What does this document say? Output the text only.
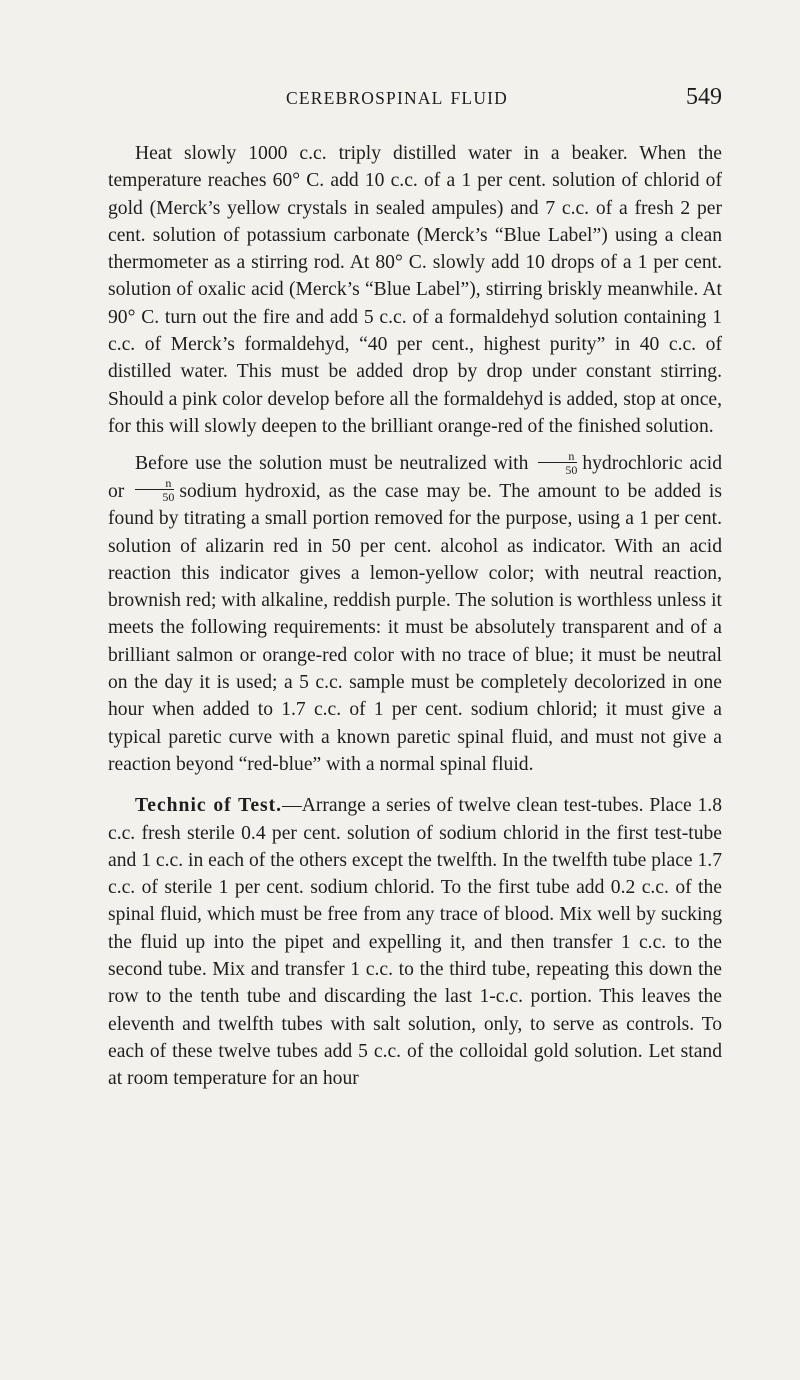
CEREBROSPINAL FLUID	549

Heat slowly 1000 c.c. triply distilled water in a beaker. When the temperature reaches 60° C. add 10 c.c. of a 1 per cent. solution of chlorid of gold (Merck’s yellow crystals in sealed ampules) and 7 c.c. of a fresh 2 per cent. solution of potassium carbonate (Merck’s “Blue Label”) using a clean thermometer as a stirring rod. At 80° C. slowly add 10 drops of a 1 per cent. solution of oxalic acid (Merck’s “Blue Label”), stirring briskly meanwhile. At 90° C. turn out the fire and add 5 c.c. of a formaldehyd solution containing 1 c.c. of Merck’s formaldehyd, “40 per cent., highest purity” in 40 c.c. of distilled water. This must be added drop by drop under constant stirring. Should a pink color develop before all the formaldehyd is added, stop at once, for this will slowly deepen to the brilliant orange-red of the finished solution.

Before use the solution must be neutralized with $\frac{n}{50}$ hydrochloric acid or $\frac{n}{50}$ sodium hydroxid, as the case may be. The amount to be added is found by titrating a small portion removed for the purpose, using a 1 per cent. solution of alizarin red in 50 per cent. alcohol as indicator. With an acid reaction this indicator gives a lemon-yellow color; with neutral reaction, brownish red; with alkaline, reddish purple. The solution is worthless unless it meets the following requirements: it must be absolutely transparent and of a brilliant salmon or orange-red color with no trace of blue; it must be neutral on the day it is used; a 5 c.c. sample must be completely decolorized in one hour when added to 1.7 c.c. of 1 per cent. sodium chlorid; it must give a typical paretic curve with a known paretic spinal fluid, and must not give a reaction beyond “red-blue” with a normal spinal fluid.

Technic of Test.—Arrange a series of twelve clean test-tubes. Place 1.8 c.c. fresh sterile 0.4 per cent. solution of sodium chlorid in the first test-tube and 1 c.c. in each of the others except the twelfth. In the twelfth tube place 1.7 c.c. of sterile 1 per cent. sodium chlorid. To the first tube add 0.2 c.c. of the spinal fluid, which must be free from any trace of blood. Mix well by sucking the fluid up into the pipet and expelling it, and then transfer 1 c.c. to the second tube. Mix and transfer 1 c.c. to the third tube, repeating this down the row to the tenth tube and discarding the last 1-c.c. portion. This leaves the eleventh and twelfth tubes with salt solution, only, to serve as controls. To each of these twelve tubes add 5 c.c. of the colloidal gold solution. Let stand at room temperature for an hour
